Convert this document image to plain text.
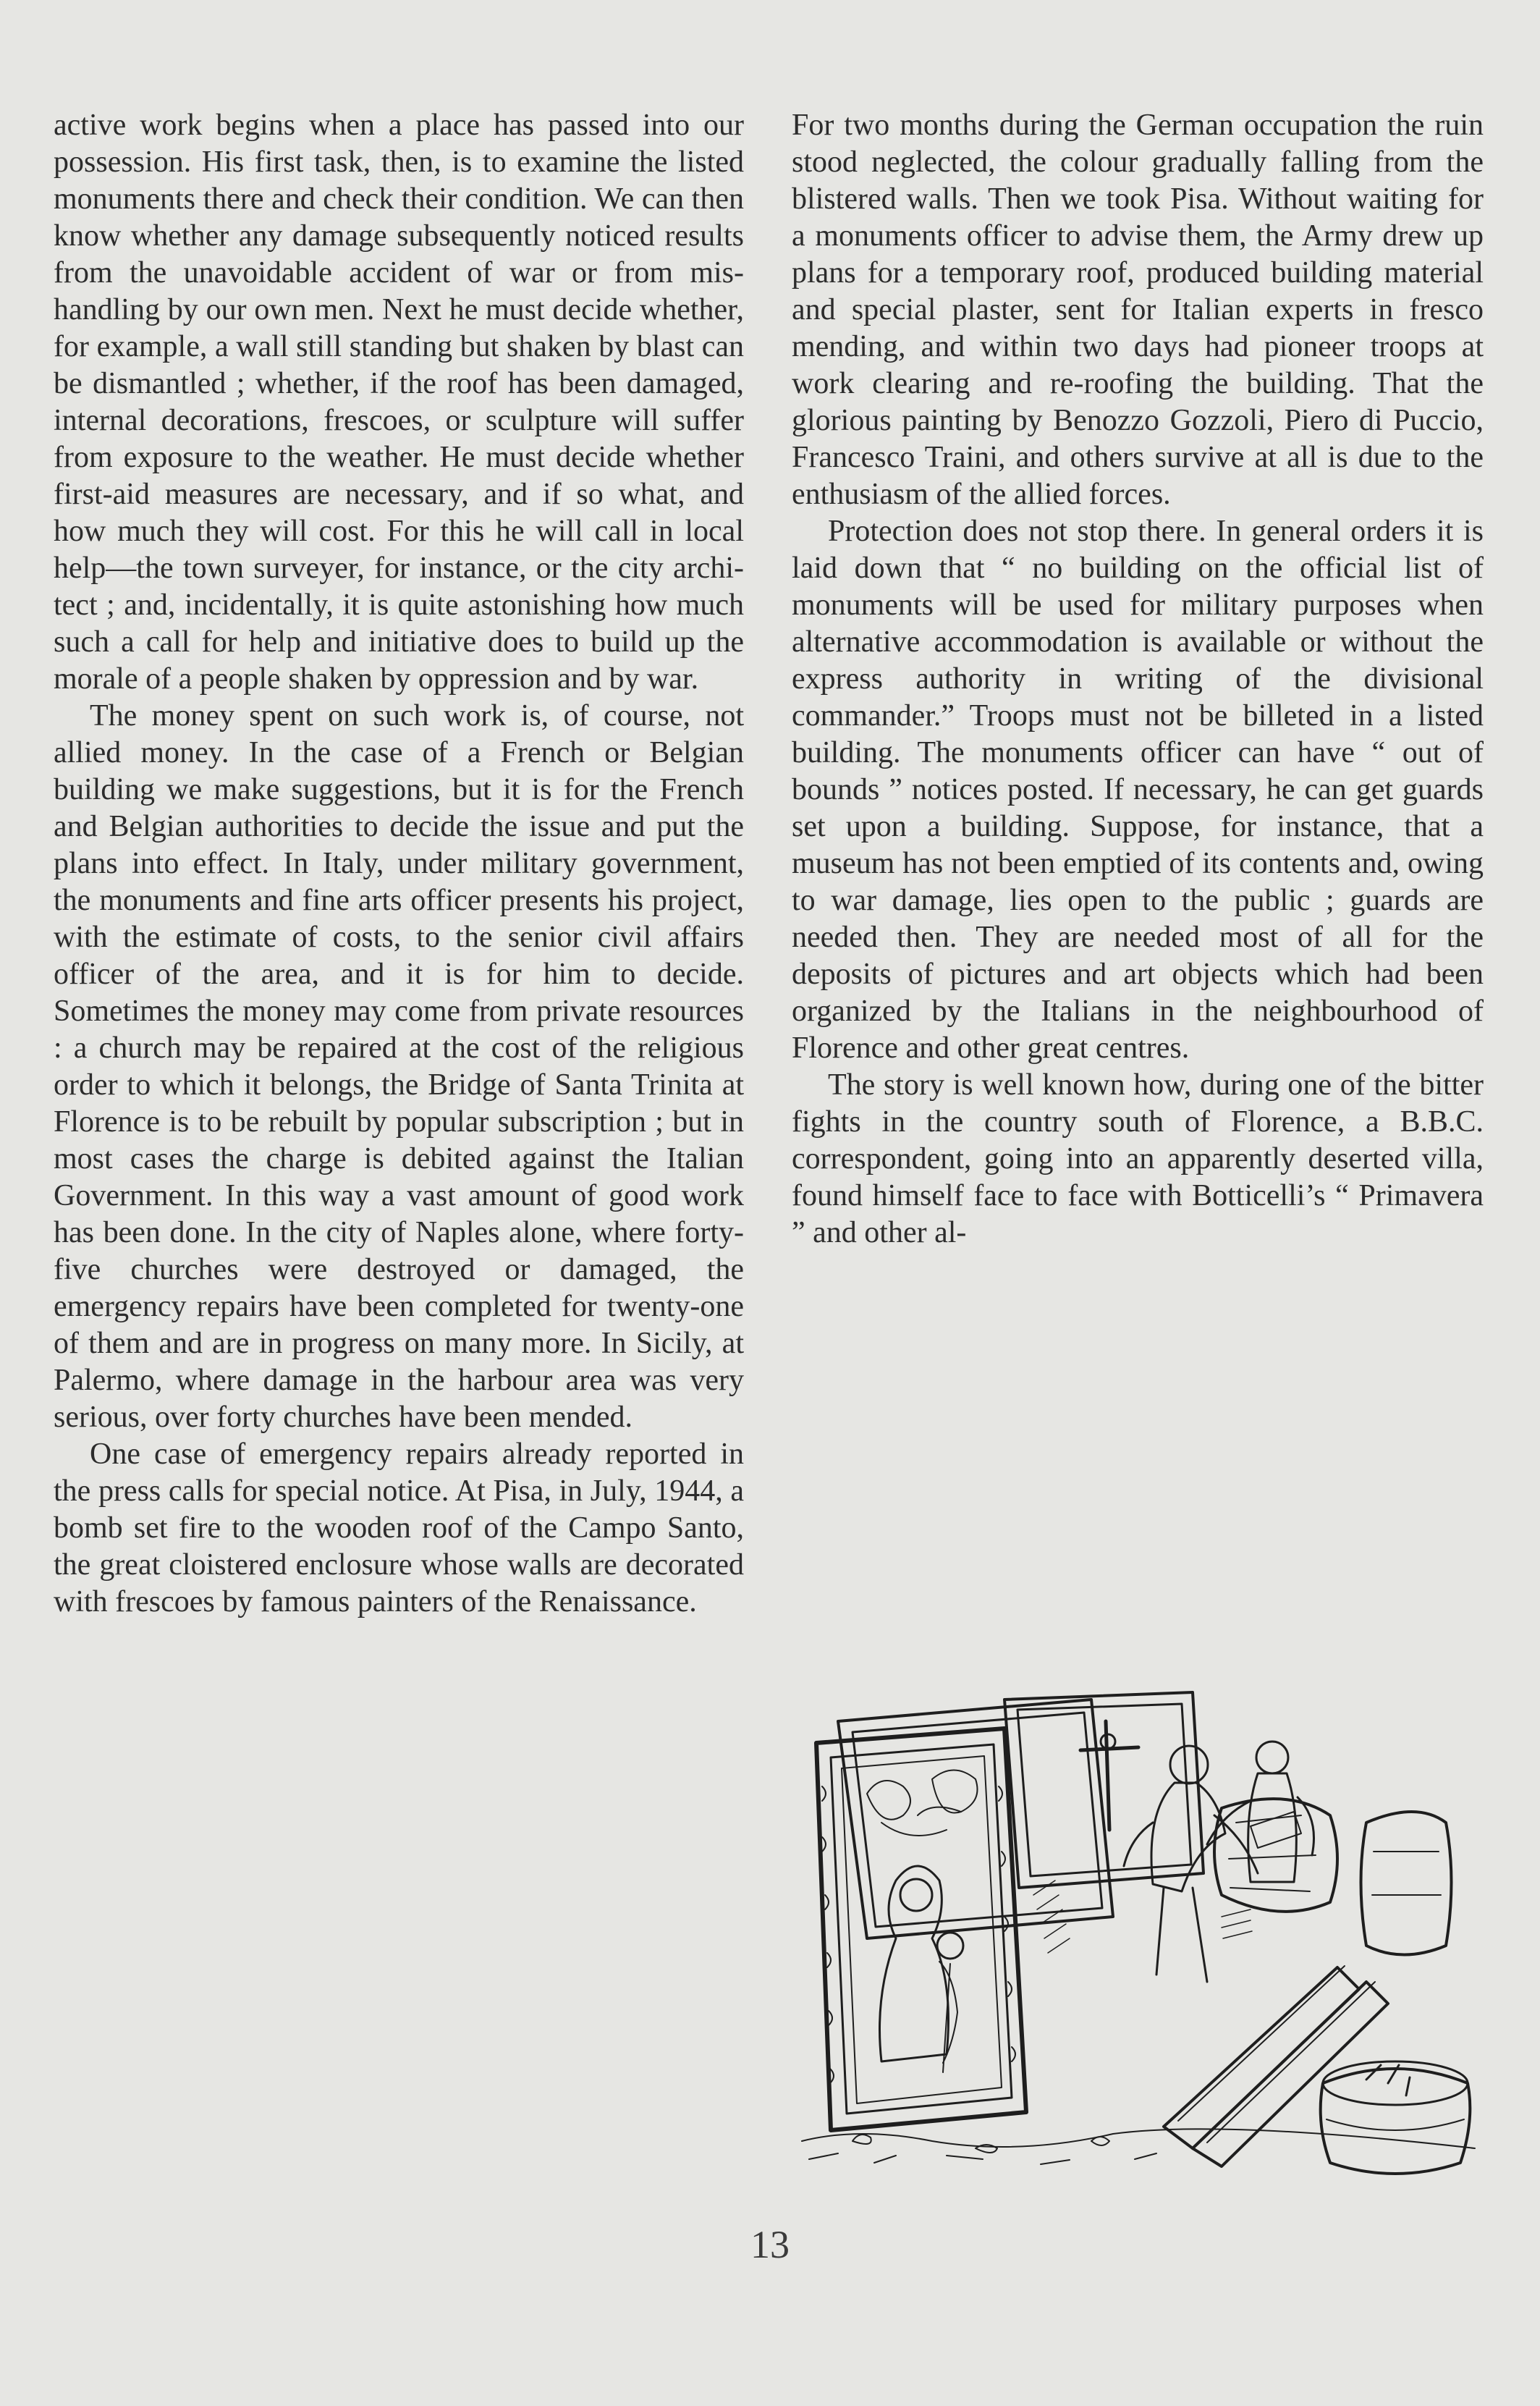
active work begins when a place has passed into our possession. His first task, then, is to examine the listed monuments there and check their condition. We can then know whether any damage subsequently noticed results from the unavoidable accident of war or from mishandling by our own men. Next he must decide whether, for example, a wall still standing but shaken by blast can be dismantled ; whether, if the roof has been damaged, internal decorations, frescoes, or sculpture will suffer from exposure to the weather. He must decide whether first-aid measures are necessary, and if so what, and how much they will cost. For this he will call in local help—the town surveyer, for instance, or the city architect ; and, incidentally, it is quite astonishing how much such a call for help and initiative does to build up the morale of a people shaken by oppression and by war.

The money spent on such work is, of course, not allied money. In the case of a French or Belgian building we make suggestions, but it is for the French and Belgian authorities to decide the issue and put the plans into effect. In Italy, under military government, the monuments and fine arts officer presents his project, with the estimate of costs, to the senior civil affairs officer of the area, and it is for him to decide. Sometimes the money may come from private resources : a church may be repaired at the cost of the religious order to which it belongs, the Bridge of Santa Trinita at Florence is to be rebuilt by popular subscription ; but in most cases the charge is debited against the Italian Government. In this way a vast amount of good work has been done. In the city of Naples alone, where forty-five churches were destroyed or damaged, the emergency repairs have been completed for twenty-one of them and are in progress on many more. In Sicily, at Palermo, where damage in the harbour area was very serious, over forty churches have been mended.

One case of emergency repairs already reported in the press calls for special notice. At Pisa, in July, 1944, a bomb set fire to the wooden roof of the Campo Santo, the great cloistered enclosure whose walls are decorated with frescoes by famous painters of the Renaissance.

For two months during the German occupation the ruin stood neglected, the colour gradually falling from the blistered walls. Then we took Pisa. Without waiting for a monuments officer to advise them, the Army drew up plans for a temporary roof, produced building material and special plaster, sent for Italian experts in fresco mending, and within two days had pioneer troops at work clearing and re-roofing the building. That the glorious painting by Benozzo Gozzoli, Piero di Puccio, Francesco Traini, and others survive at all is due to the enthusiasm of the allied forces.

Protection does not stop there. In general orders it is laid down that “ no building on the official list of monuments will be used for military purposes when alternative accommodation is available or without the express authority in writing of the divisional commander.” Troops must not be billeted in a listed building. The monuments officer can have “ out of bounds ” notices posted. If necessary, he can get guards set upon a building. Suppose, for instance, that a museum has not been emptied of its contents and, owing to war damage, lies open to the public ; guards are needed then. They are needed most of all for the deposits of pictures and art objects which had been organized by the Italians in the neighbourhood of Florence and other great centres.

The story is well known how, during one of the bitter fights in the country south of Florence, a B.B.C. correspondent, going into an apparently deserted villa, found himself face to face with Botticelli’s “ Primavera ” and other al-

13
